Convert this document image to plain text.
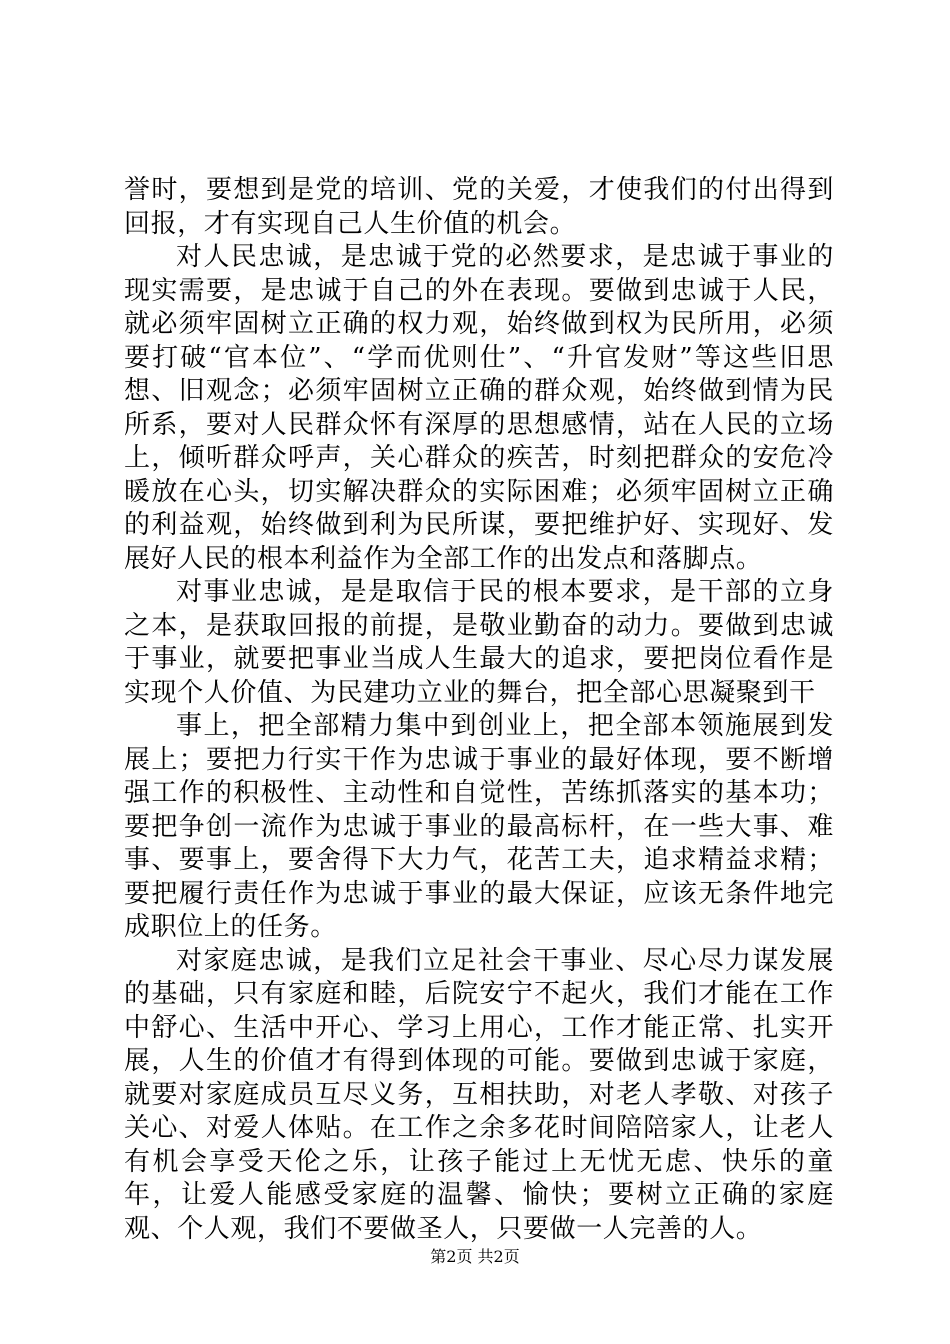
誉时，要想到是党的培训、党的关爱，才使我们的付出得到回报，才有实现自己人生价值的机会。

对人民忠诚，是忠诚于党的必然要求，是忠诚于事业的现实需要，是忠诚于自己的外在表现。要做到忠诚于人民，就必须牢固树立正确的权力观，始终做到权为民所用，必须要打破“官本位”、“学而优则仕”、“升官发财”等这些旧思想、旧观念；必须牢固树立正确的群众观，始终做到情为民所系，要对人民群众怀有深厚的思想感情，站在人民的立场上，倾听群众呼声，关心群众的疾苦，时刻把群众的安危冷暖放在心头，切实解决群众的实际困难；必须牢固树立正确的利益观，始终做到利为民所谋，要把维护好、实现好、发展好人民的根本利益作为全部工作的出发点和落脚点。

对事业忠诚，是是取信于民的根本要求，是干部的立身之本，是获取回报的前提，是敬业勤奋的动力。要做到忠诚于事业，就要把事业当成人生最大的追求，要把岗位看作是实现个人价值、为民建功立业的舞台，把全部心思凝聚到干

事上，把全部精力集中到创业上，把全部本领施展到发展上；要把力行实干作为忠诚于事业的最好体现，要不断增强工作的积极性、主动性和自觉性，苦练抓落实的基本功；要把争创一流作为忠诚于事业的最高标杆，在一些大事、难事、要事上，要舍得下大力气，花苦工夫，追求精益求精；要把履行责任作为忠诚于事业的最大保证，应该无条件地完成职位上的任务。

对家庭忠诚，是我们立足社会干事业、尽心尽力谋发展的基础，只有家庭和睦，后院安宁不起火，我们才能在工作中舒心、生活中开心、学习上用心，工作才能正常、扎实开展，人生的价值才有得到体现的可能。要做到忠诚于家庭，就要对家庭成员互尽义务，互相扶助，对老人孝敬、对孩子关心、对爱人体贴。在工作之余多花时间陪陪家人，让老人有机会享受天伦之乐，让孩子能过上无忧无虑、快乐的童年，让爱人能感受家庭的温馨、愉快；要树立正确的家庭观、个人观，我们不要做圣人，只要做一人完善的人。

第2页 共2页
